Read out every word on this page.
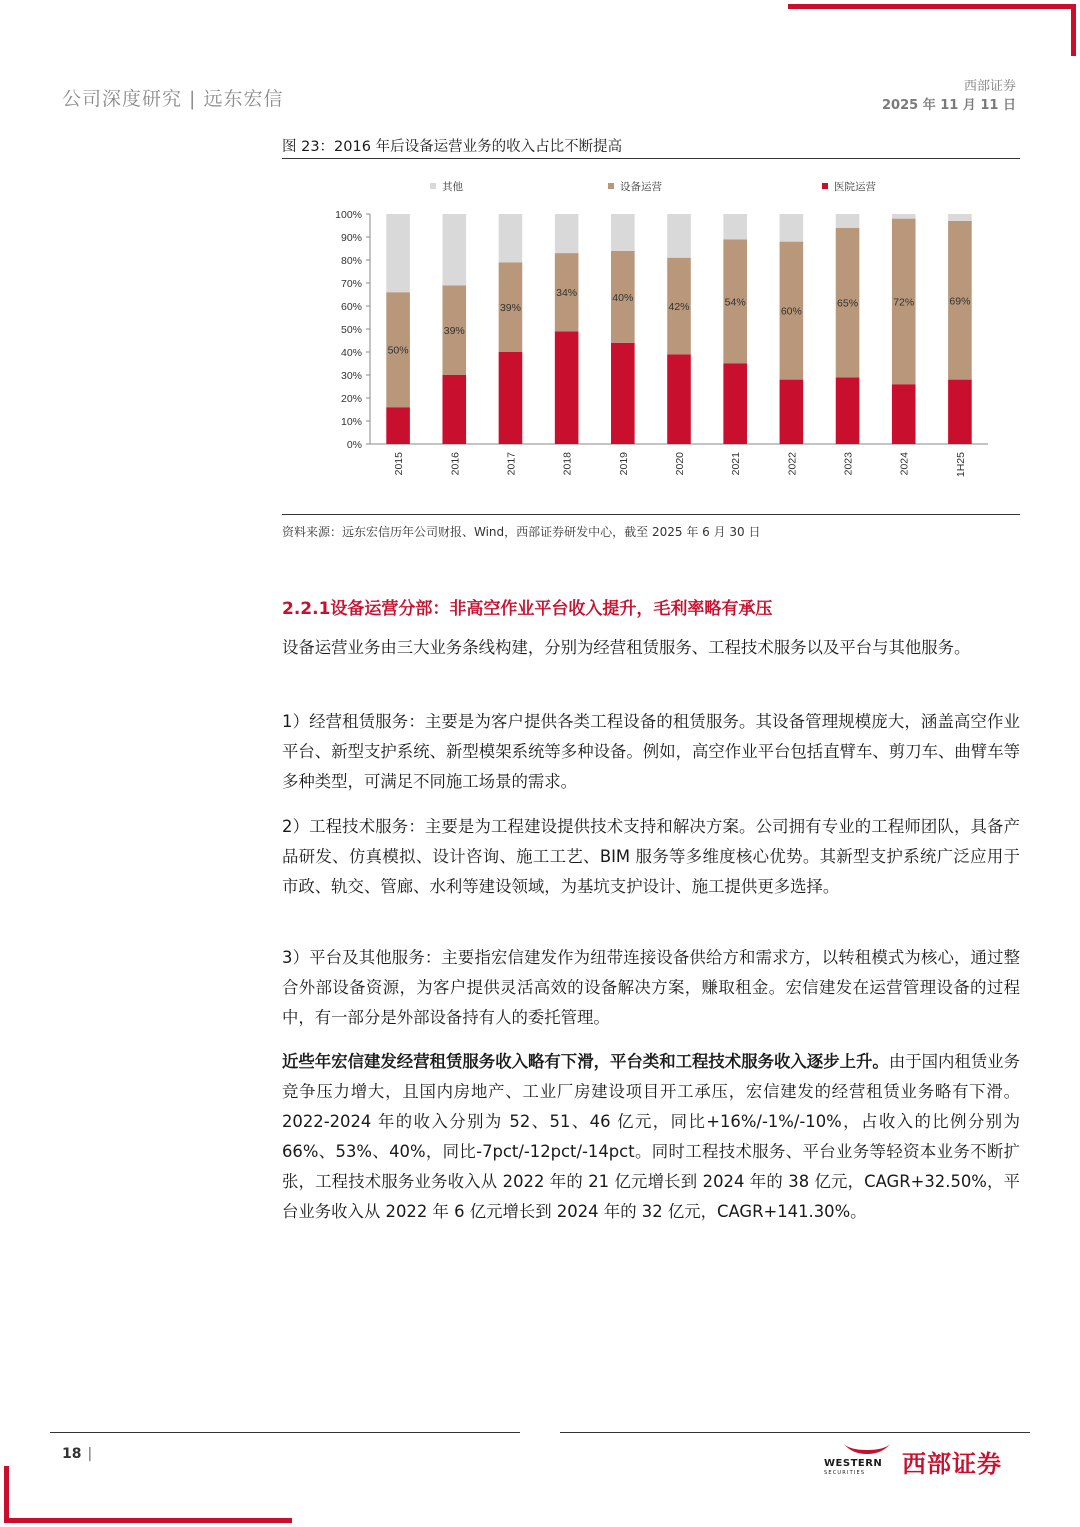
公司深度研究 | 远东宏信
西部证券
2025 年 11 月 11 日
图 23：2016 年后设备运营业务的收入占比不断提高
0%
10%
20%
30%
40%
50%
60%
70%
80%
90%
100%
50%
2015
39%
2016
39%
2017
34%
2018
40%
2019
42%
2020
54%
2021
60%
2022
65%
2023
72%
2024
69%
1H25
其他	设备运营	医院运营
资料来源：远东宏信历年公司财报、Wind，西部证券研发中心，截至 2025 年 6 月 30 日
2.2.1设备运营分部：非高空作业平台收入提升，毛利率略有承压
设备运营业务由三大业务条线构建，分别为经营租赁服务、工程技术服务以及平台与其他服务。
1）经营租赁服务：主要是为客户提供各类工程设备的租赁服务。其设备管理规模庞大，涵盖高空作业平台、新型支护系统、新型模架系统等多种设备。例如，高空作业平台包括直臂车、剪刀车、曲臂车等多种类型，可满足不同施工场景的需求。
2）工程技术服务：主要是为工程建设提供技术支持和解决方案。公司拥有专业的工程师团队，具备产品研发、仿真模拟、设计咨询、施工工艺、BIM 服务等多维度核心优势。其新型支护系统广泛应用于市政、轨交、管廊、水利等建设领域，为基坑支护设计、施工提供更多选择。
3）平台及其他服务：主要指宏信建发作为纽带连接设备供给方和需求方，以转租模式为核心，通过整合外部设备资源，为客户提供灵活高效的设备解决方案，赚取租金。宏信建发在运营管理设备的过程中，有一部分是外部设备持有人的委托管理。
近些年宏信建发经营租赁服务收入略有下滑，平台类和工程技术服务收入逐步上升。由于国内租赁业务竞争压力增大，且国内房地产、工业厂房建设项目开工承压，宏信建发的经营租赁业务略有下滑。2022-2024 年的收入分别为 52、51、46 亿元，同比+16%/-1%/-10%，占收入的比例分别为 66%、53%、40%，同比-7pct/-12pct/-14pct。同时工程技术服务、平台业务等轻资本业务不断扩张，工程技术服务业务收入从 2022 年的 21 亿元增长到 2024 年的 38 亿元，CAGR+32.50%，平台业务收入从 2022 年 6 亿元增长到 2024 年的 32 亿元，CAGR+141.30%。
18 |
WESTERN
SECURITIES 西部证券
